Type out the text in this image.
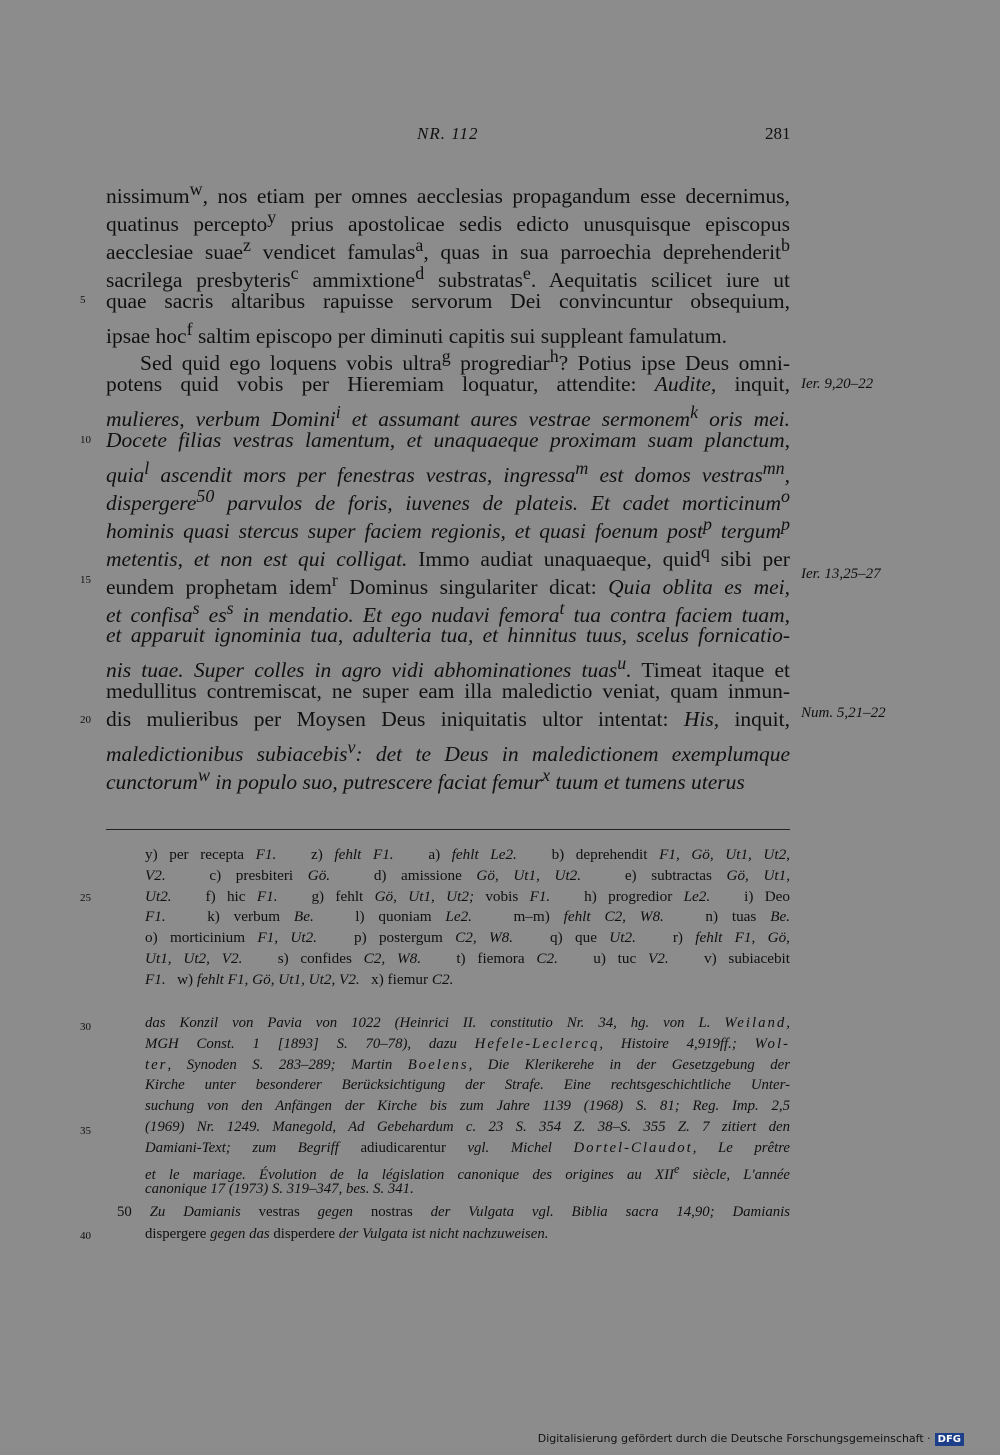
NR. 112	281
nissimum$^w$, nos etiam per omnes aecclesias propagandum esse decernimus,
quatinus percepto$^y$ prius apostolicae sedis edicto unusquisque episcopus
aecclesiae suae$^z$ vendicet famulas$^a$, quas in sua parroechia deprehenderit$^b$
sacrilega presbyteris$^c$ ammixtione$^d$ substratas$^e$. Aequitatis scilicet iure ut
quae sacris altaribus rapuisse servorum Dei convincuntur obsequium,
ipsae hoc$^f$ saltim episcopo per diminuti capitis sui suppleant famulatum.
Sed quid ego loquens vobis ultra$^g$ progrediar$^h$? Potius ipse Deus omni-
potens quid vobis per Hieremiam loquatur, attendite: Audite, inquit,
mulieres, verbum Domini$^i$ et assumant aures vestrae sermonem$^k$ oris mei.
Docete filias vestras lamentum, et unaquaeque proximam suam planctum,
quia$^l$ ascendit mors per fenestras vestras, ingressa$^m$ est domos vestras$^{mn}$,
dispergere$^{50}$ parvulos de foris, iuvenes de plateis. Et cadet morticinum$^o$
hominis quasi stercus super faciem regionis, et quasi foenum post$^p$ tergum$^p$
metentis, et non est qui colligat. Immo audiat unaquaeque, quid$^q$ sibi per
eundem prophetam idem$^r$ Dominus singulariter dicat: Quia oblita es mei,
et confisa$^s$ $es^s$ in mendatio. Et ego nudavi femora$^t$ tua contra faciem tuam,
et apparuit ignominia tua, adulteria tua, et hinnitus tuus, scelus fornicatio-
nis tuae. Super colles in agro vidi abhominationes tuas$^u$. Timeat itaque et
medullitus contremiscat, ne super eam illa maledictio veniat, quam inmun-
dis mulieribus per Moysen Deus iniquitatis ultor intentat: His, inquit,
maledictionibus subiacebis$^v$: det te Deus in maledictionem exemplumque
cunctorum$^w$ in populo suo, putrescere faciat femur$^x$ tuum et tumens uterus
5
10
15
20
25
30
35
40
Ier. 9,20–22
Ier. 13,25–27
Num. 5,21–22
y) per recepta F1.   z) fehlt F1.   a) fehlt Le2.   b) deprehendit F1, Gö, Ut1, Ut2,
V2.   c) presbiteri Gö.   d) amissione Gö, Ut1, Ut2.   e) subtractas Gö, Ut1,
Ut2.   f) hic F1.   g) fehlt Gö, Ut1, Ut2; vobis F1.   h) progredior Le2.   i) Deo
F1.   k) verbum Be.   l) quoniam Le2.   m–m) fehlt C2, W8.   n) tuas Be.
o) morticinium F1, Ut2.   p) postergum C2, W8.   q) que Ut2.   r) fehlt F1, Gö,
Ut1, Ut2, V2.   s) confides C2, W8.   t) fiemora C2.   u) tuc V2.   v) subiacebit
F1.   w) fehlt F1, Gö, Ut1, Ut2, V2.   x) fiemur C2.
das Konzil von Pavia von 1022 (Heinrici II. constitutio Nr. 34, hg. von L. Weiland,
MGH Const. 1 [1893] S. 70–78), dazu Hefele-Leclercq, Histoire 4,919ff.; Wol-
ter, Synoden S. 283–289; Martin Boelens, Die Klerikerehe in der Gesetzgebung der
Kirche unter besonderer Berücksichtigung der Strafe. Eine rechtsgeschichtliche Unter-
suchung von den Anfängen der Kirche bis zum Jahre 1139 (1968) S. 81; Reg. Imp. 2,5
(1969) Nr. 1249. Manegold, Ad Gebehardum c. 23 S. 354 Z. 38–S. 355 Z. 7 zitiert den
Damiani-Text; zum Begriff adiudicarentur vgl. Michel Dortel-Claudot, Le prêtre
et le mariage. Évolution de la législation canonique des origines au XIIe siècle, L'année
canonique 17 (1973) S. 319–347, bes. S. 341.
50 Zu Damianis vestras gegen nostras der Vulgata vgl. Biblia sacra 14,90; Damianis
dispergere gegen das disperdere der Vulgata ist nicht nachzuweisen.
Digitalisierung gefördert durch die Deutsche Forschungsgemeinschaft · DFG
